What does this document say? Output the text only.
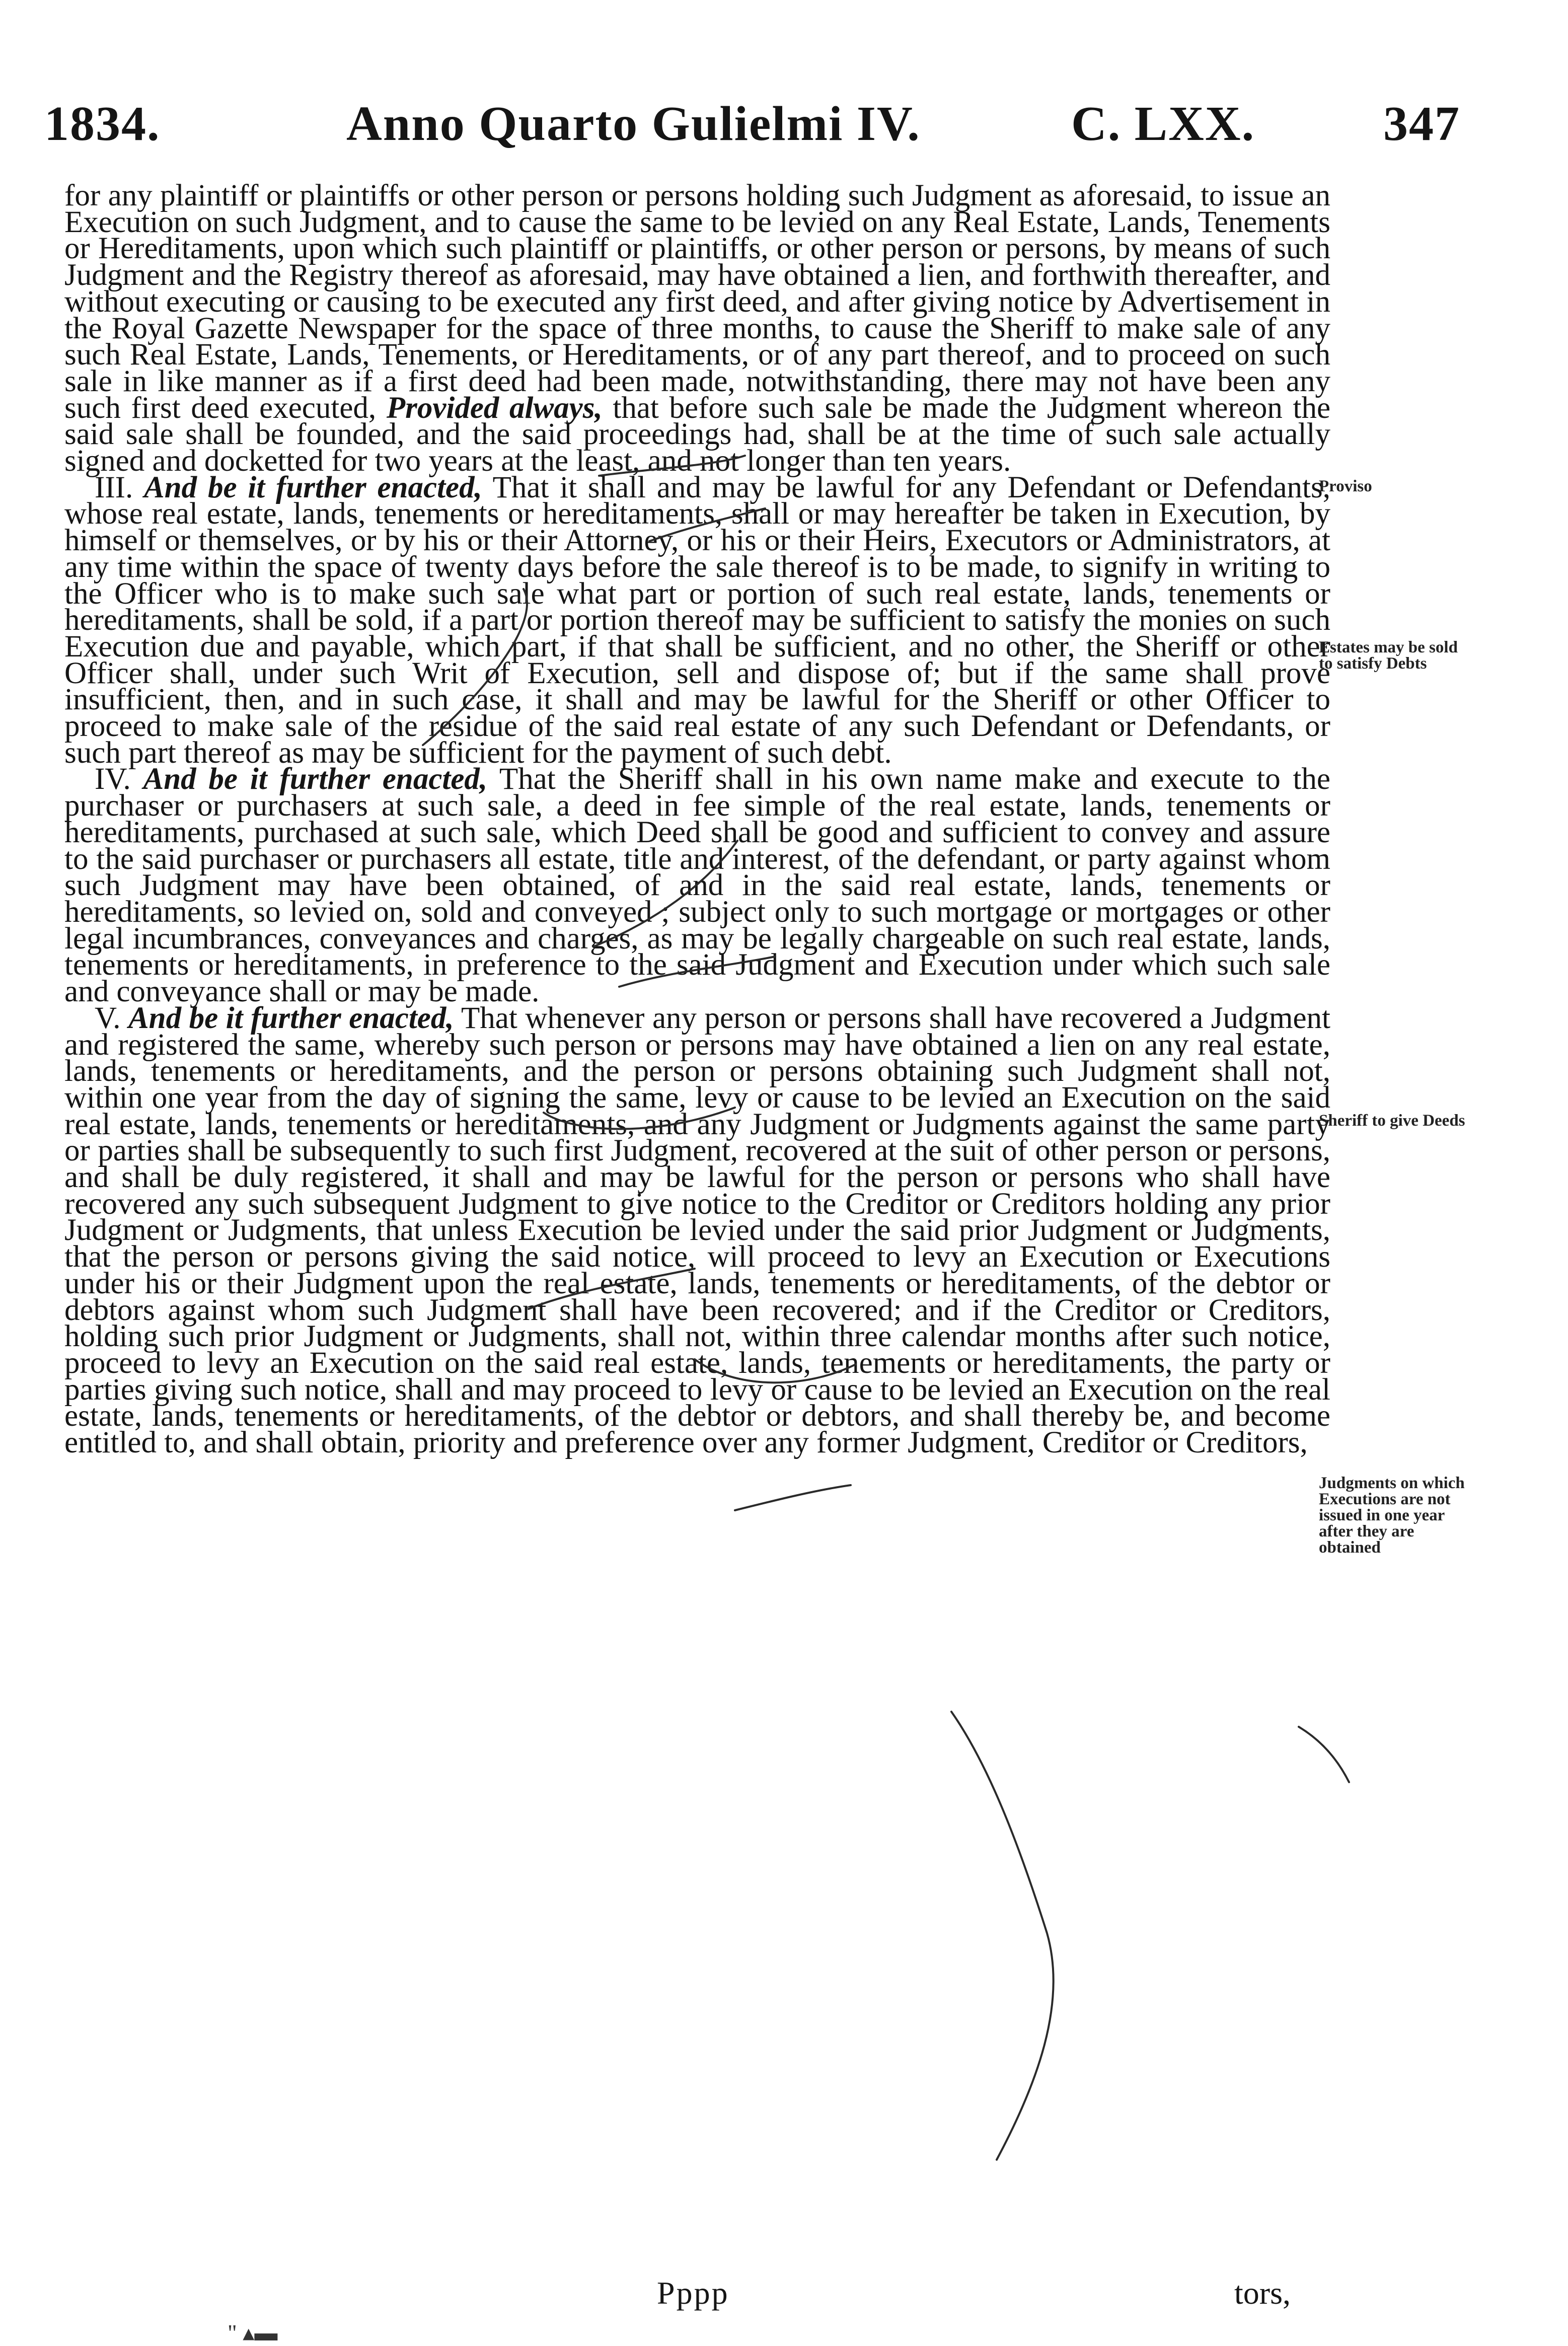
1834.	Anno Quarto Gulielmi IV.	C. LXX.	347

for any plaintiff or plaintiffs or other person or persons holding such Judgment as aforesaid, to issue an Execution on such Judgment, and to cause the same to be levied on any Real Estate, Lands, Tenements or Hereditaments, upon which such plaintiff or plaintiffs, or other person or persons, by means of such Judgment and the Registry thereof as aforesaid, may have obtained a lien, and forthwith thereafter, and without executing or causing to be executed any first deed, and after giving notice by Advertisement in the Royal Gazette Newspaper for the space of three months, to cause the Sheriff to make sale of any such Real Estate, Lands, Tenements, or Hereditaments, or of any part thereof, and to proceed on such sale in like manner as if a first deed had been made, notwithstanding, there may not have been any such first deed executed, Provided always, that before such sale be made the Judgment whereon the said sale shall be founded, and the said proceedings had, shall be at the time of such sale actually signed and docketted for two years at the least, and not longer than ten years.

III. And be it further enacted, That it shall and may be lawful for any Defendant or Defendants, whose real estate, lands, tenements or hereditaments, shall or may hereafter be taken in Execution, by himself or themselves, or by his or their Attorney, or his or their Heirs, Executors or Administrators, at any time within the space of twenty days before the sale thereof is to be made, to signify in writing to the Officer who is to make such sale what part or portion of such real estate, lands, tenements or hereditaments, shall be sold, if a part or portion thereof may be sufficient to satisfy the monies on such Execution due and payable, which part, if that shall be sufficient, and no other, the Sheriff or other Officer shall, under such Writ of Execution, sell and dispose of; but if the same shall prove insufficient, then, and in such case, it shall and may be lawful for the Sheriff or other Officer to proceed to make sale of the residue of the said real estate of any such Defendant or Defendants, or such part thereof as may be sufficient for the payment of such debt.

IV. And be it further enacted, That the Sheriff shall in his own name make and execute to the purchaser or purchasers at such sale, a deed in fee simple of the real estate, lands, tenements or hereditaments, purchased at such sale, which Deed shall be good and sufficient to convey and assure to the said purchaser or purchasers all estate, title and interest, of the defendant, or party against whom such Judgment may have been obtained, of and in the said real estate, lands, tenements or hereditaments, so levied on, sold and conveyed ; subject only to such mortgage or mortgages or other legal incumbrances, conveyances and charges, as may be legally chargeable on such real estate, lands, tenements or hereditaments, in preference to the said Judgment and Execution under which such sale and conveyance shall or may be made.

V. And be it further enacted, That whenever any person or persons shall have recovered a Judgment and registered the same, whereby such person or persons may have obtained a lien on any real estate, lands, tenements or hereditaments, and the person or persons obtaining such Judgment shall not, within one year from the day of signing the same, levy or cause to be levied an Execution on the said real estate, lands, tenements or hereditaments, and any Judgment or Judgments against the same party or parties shall be subsequently to such first Judgment, recovered at the suit of other person or persons, and shall be duly registered, it shall and may be lawful for the person or persons who shall have recovered any such subsequent Judgment to give notice to the Creditor or Creditors holding any prior Judgment or Judgments, that unless Execution be levied under the said prior Judgment or Judgments, that the person or persons giving the said notice, will proceed to levy an Execution or Executions under his or their Judgment upon the real estate, lands, tenements or hereditaments, of the debtor or debtors against whom such Judgment shall have been recovered; and if the Creditor or Creditors, holding such prior Judgment or Judgments, shall not, within three calendar months after such notice, proceed to levy an Execution on the said real estate, lands, tenements or hereditaments, the party or parties giving such notice, shall and may proceed to levy or cause to be levied an Execution on the real estate, lands, tenements or hereditaments, of the debtor or debtors, and shall thereby be, and become entitled to, and shall obtain, priority and preference over any former Judgment, Creditor or Creditors,

Proviso
Estates may be sold to satisfy Debts
Sheriff to give Deeds
Judgments on which Executions are not issued in one year after they are obtained
Pppp	tors,
" ▴▬
